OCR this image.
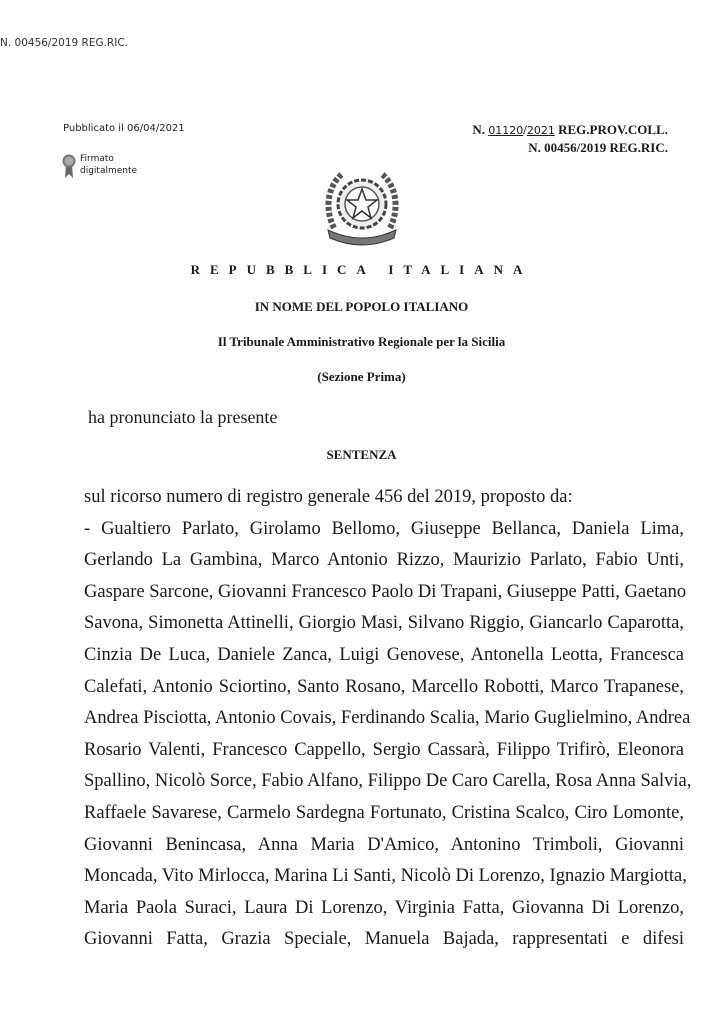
N. 00456/2019 REG.RIC.
Pubblicato il 06/04/2021	N. 01120/2021 REG.PROV.COLL.
N. 00456/2019 REG.RIC.
Firmato
digitalmente
REPUBBLICA ITALIANA
IN NOME DEL POPOLO ITALIANO
Il Tribunale Amministrativo Regionale per la Sicilia
(Sezione Prima)
ha pronunciato la presente
SENTENZA
sul ricorso numero di registro generale 456 del 2019, proposto da:
- Gualtiero Parlato, Girolamo Bellomo, Giuseppe Bellanca, Daniela Lima,
Gerlando La Gambina, Marco Antonio Rizzo, Maurizio Parlato, Fabio Unti,
Gaspare Sarcone, Giovanni Francesco Paolo Di Trapani, Giuseppe Patti, Gaetano
Savona, Simonetta Attinelli, Giorgio Masi, Silvano Riggio, Giancarlo Caparotta,
Cinzia De Luca, Daniele Zanca, Luigi Genovese, Antonella Leotta, Francesca
Calefati, Antonio Sciortino, Santo Rosano, Marcello Robotti, Marco Trapanese,
Andrea Pisciotta, Antonio Covais, Ferdinando Scalia, Mario Guglielmino, Andrea
Rosario Valenti, Francesco Cappello, Sergio Cassarà, Filippo Trifirò, Eleonora
Spallino, Nicolò Sorce, Fabio Alfano, Filippo De Caro Carella, Rosa Anna Salvia,
Raffaele Savarese, Carmelo Sardegna Fortunato, Cristina Scalco, Ciro Lomonte,
Giovanni Benincasa, Anna Maria D'Amico, Antonino Trimboli, Giovanni
Moncada, Vito Mirlocca, Marina Li Santi, Nicolò Di Lorenzo, Ignazio Margiotta,
Maria Paola Suraci, Laura Di Lorenzo, Virginia Fatta, Giovanna Di Lorenzo,
Giovanni Fatta, Grazia Speciale, Manuela Bajada, rappresentati e difesi
